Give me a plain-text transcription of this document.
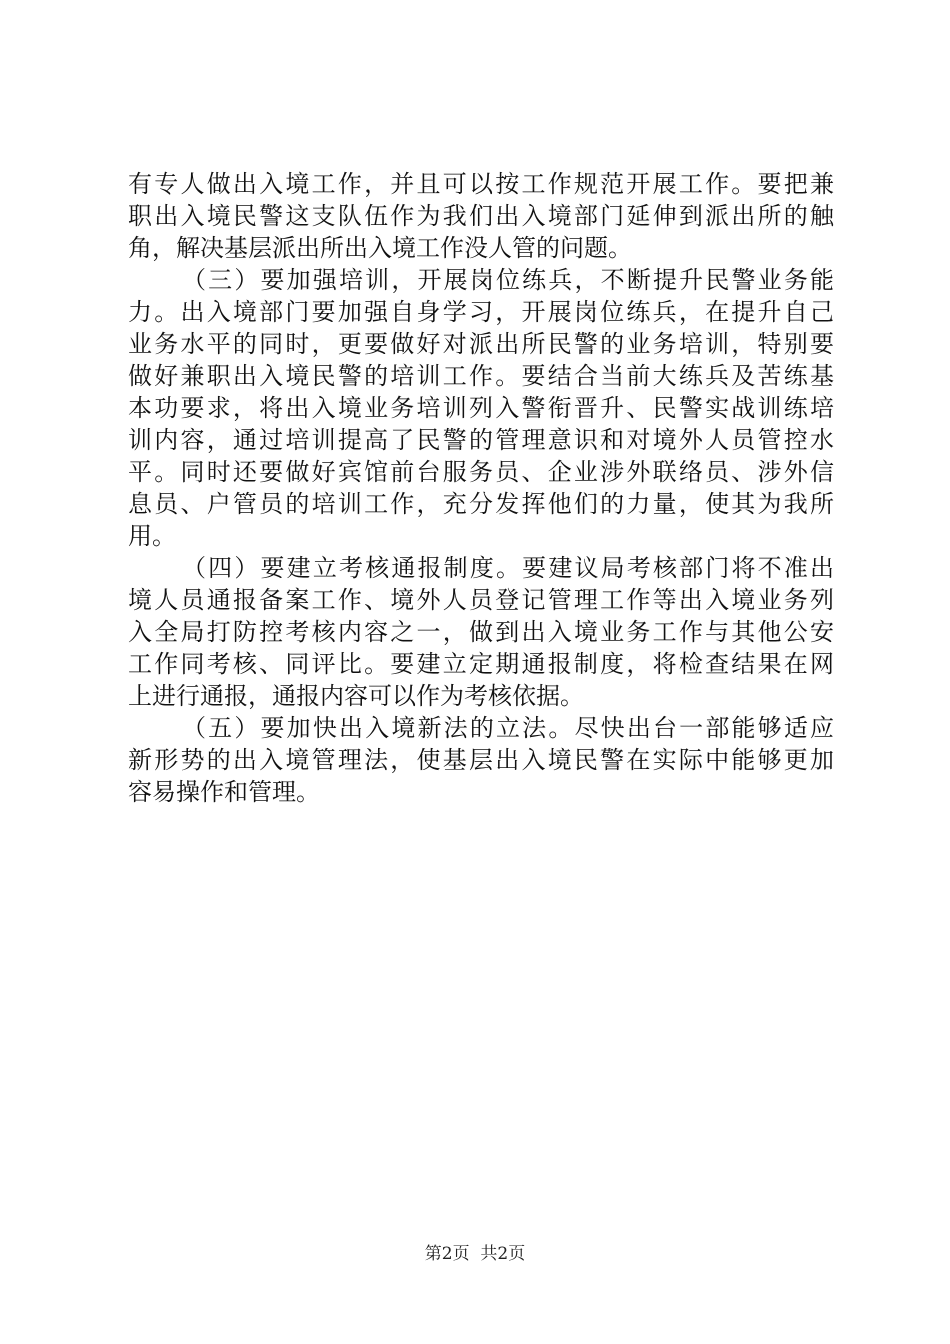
有专人做出入境工作，并且可以按工作规范开展工作。要把兼
职出入境民警这支队伍作为我们出入境部门延伸到派出所的触
角，解决基层派出所出入境工作没人管的问题。
（三）要加强培训，开展岗位练兵，不断提升民警业务能
力。出入境部门要加强自身学习，开展岗位练兵，在提升自己
业务水平的同时，更要做好对派出所民警的业务培训，特别要
做好兼职出入境民警的培训工作。要结合当前大练兵及苦练基
本功要求，将出入境业务培训列入警衔晋升、民警实战训练培
训内容，通过培训提高了民警的管理意识和对境外人员管控水
平。同时还要做好宾馆前台服务员、企业涉外联络员、涉外信
息员、户管员的培训工作，充分发挥他们的力量，使其为我所
用。
（四）要建立考核通报制度。要建议局考核部门将不准出
境人员通报备案工作、境外人员登记管理工作等出入境业务列
入全局打防控考核内容之一，做到出入境业务工作与其他公安
工作同考核、同评比。要建立定期通报制度，将检查结果在网
上进行通报，通报内容可以作为考核依据。
（五）要加快出入境新法的立法。尽快出台一部能够适应
新形势的出入境管理法，使基层出入境民警在实际中能够更加
容易操作和管理。
第2页  共2页
